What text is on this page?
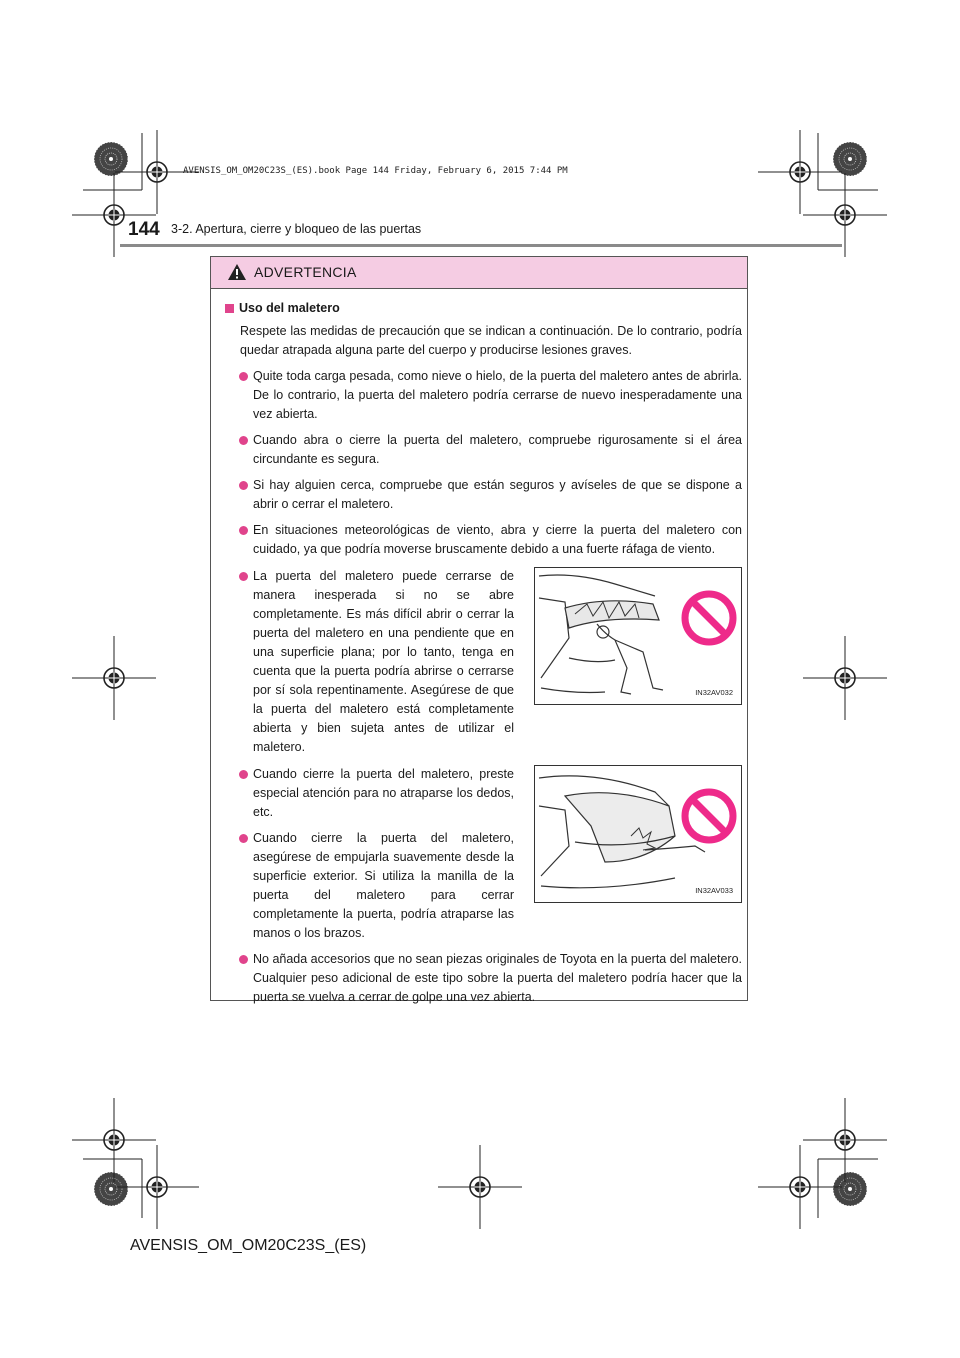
AVENSIS_OM_OM20C23S_(ES).book Page 144 Friday, February 6, 2015 7:44 PM
144 3-2. Apertura, cierre y bloqueo de las puertas
ADVERTENCIA
Uso del maletero
Respete las medidas de precaución que se indican a continuación. De lo contrario, podría quedar atrapada alguna parte del cuerpo y producirse lesiones graves.
Quite toda carga pesada, como nieve o hielo, de la puerta del maletero antes de abrirla. De lo contrario, la puerta del maletero podría cerrarse de nuevo inesperadamente una vez abierta.
Cuando abra o cierre la puerta del maletero, compruebe rigurosamente si el área circundante es segura.
Si hay alguien cerca, compruebe que están seguros y avíseles de que se dispone a abrir o cerrar el maletero.
En situaciones meteorológicas de viento, abra y cierre la puerta del maletero con cuidado, ya que podría moverse bruscamente debido a una fuerte ráfaga de viento.
La puerta del maletero puede cerrarse de manera inesperada si no se abre completamente. Es más difícil abrir o cerrar la puerta del maletero en una pendiente que en una superficie plana; por lo tanto, tenga en cuenta que la puerta podría abrirse o cerrarse por sí sola repentinamente. Asegúrese de que la puerta del maletero está completamente abierta y bien sujeta antes de utilizar el maletero.
IN32AV032
Cuando cierre la puerta del maletero, preste especial atención para no atraparse los dedos, etc.
Cuando cierre la puerta del maletero, asegúrese de empujarla suavemente desde la superficie exterior. Si utiliza la manilla de la puerta del maletero para cerrar completamente la puerta, podría atraparse las manos o los brazos.
IN32AV033
No añada accesorios que no sean piezas originales de Toyota en la puerta del maletero. Cualquier peso adicional de este tipo sobre la puerta del maletero podría hacer que la puerta se vuelva a cerrar de golpe una vez abierta.
AVENSIS_OM_OM20C23S_(ES)
